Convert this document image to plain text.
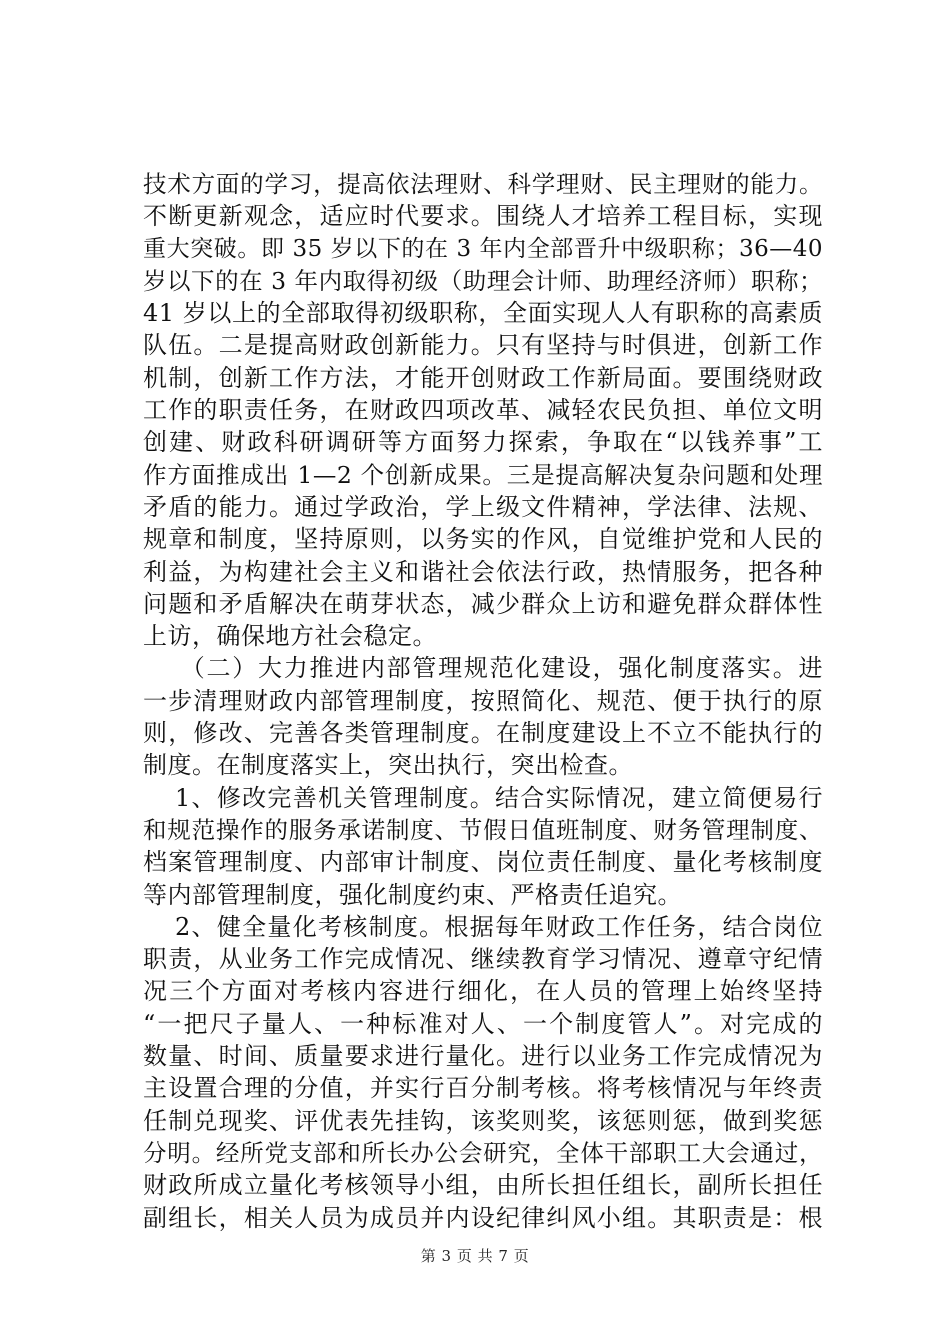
技术方面的学习，提高依法理财、科学理财、民主理财的能力。
不断更新观念，适应时代要求。围绕人才培养工程目标，实现
重大突破。即 35 岁以下的在 3 年内全部晋升中级职称；36—40
岁以下的在 3 年内取得初级（助理会计师、助理经济师）职称；
41 岁以上的全部取得初级职称，全面实现人人有职称的高素质
队伍。二是提高财政创新能力。只有坚持与时俱进，创新工作
机制，创新工作方法，才能开创财政工作新局面。要围绕财政
工作的职责任务，在财政四项改革、减轻农民负担、单位文明
创建、财政科研调研等方面努力探索，争取在“以钱养事”工
作方面推成出 1—2 个创新成果。三是提高解决复杂问题和处理
矛盾的能力。通过学政治，学上级文件精神，学法律、法规、
规章和制度，坚持原则，以务实的作风，自觉维护党和人民的
利益，为构建社会主义和谐社会依法行政，热情服务，把各种
问题和矛盾解决在萌芽状态，减少群众上访和避免群众群体性
上访，确保地方社会稳定。
　（二）大力推进内部管理规范化建设，强化制度落实。进
一步清理财政内部管理制度，按照简化、规范、便于执行的原
则，修改、完善各类管理制度。在制度建设上不立不能执行的
制度。在制度落实上，突出执行，突出检查。
1、修改完善机关管理制度。结合实际情况，建立简便易行
和规范操作的服务承诺制度、节假日值班制度、财务管理制度、
档案管理制度、内部审计制度、岗位责任制度、量化考核制度
等内部管理制度，强化制度约束、严格责任追究。
2、健全量化考核制度。根据每年财政工作任务，结合岗位
职责，从业务工作完成情况、继续教育学习情况、遵章守纪情
况三个方面对考核内容进行细化，在人员的管理上始终坚持
“一把尺子量人、一种标准对人、一个制度管人”。对完成的
数量、时间、质量要求进行量化。进行以业务工作完成情况为
主设置合理的分值，并实行百分制考核。将考核情况与年终责
任制兑现奖、评优表先挂钩，该奖则奖，该惩则惩，做到奖惩
分明。经所党支部和所长办公会研究，全体干部职工大会通过，
财政所成立量化考核领导小组，由所长担任组长，副所长担任
副组长，相关人员为成员并内设纪律纠风小组。其职责是：根
第 3 页 共 7 页
